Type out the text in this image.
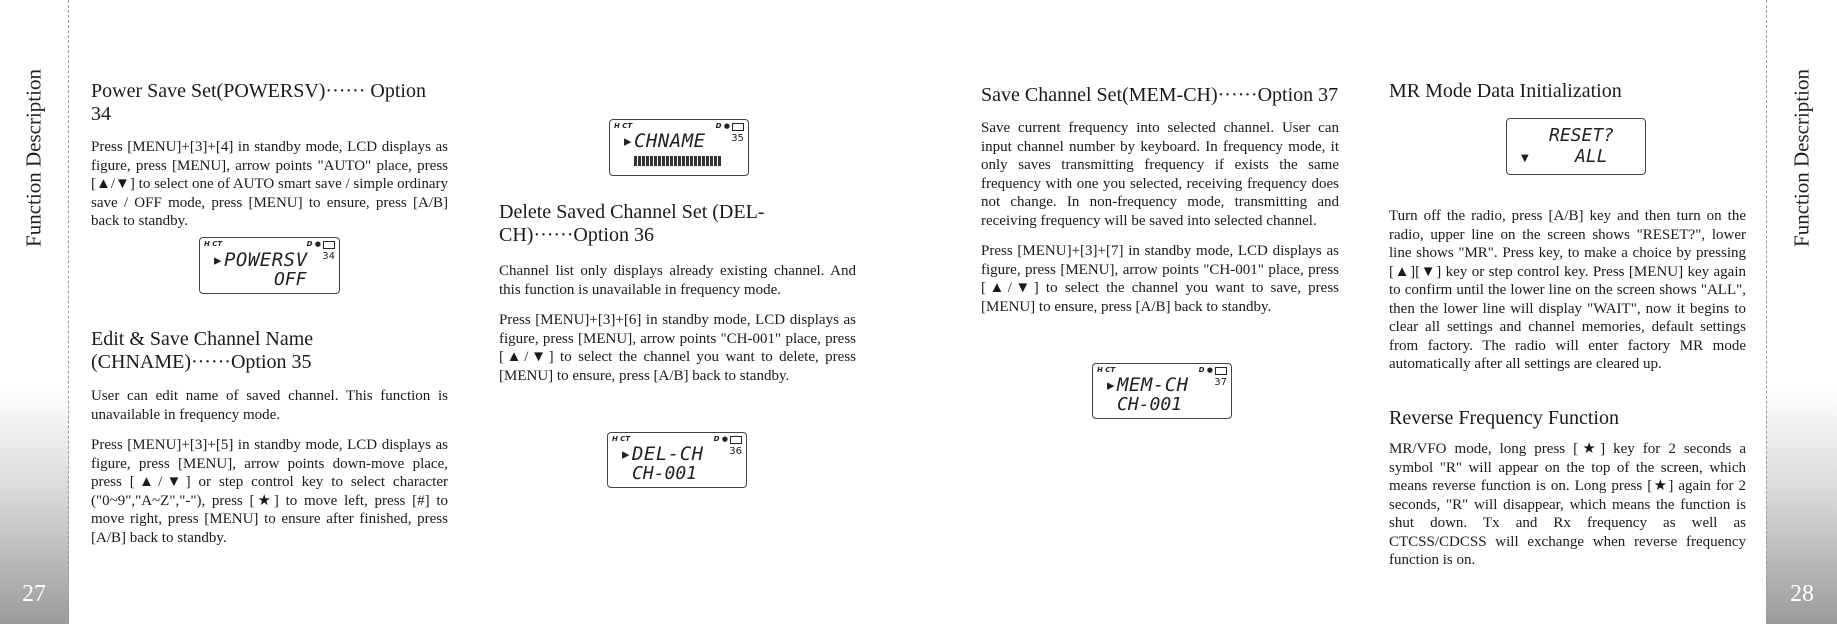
Function Description
27
Function Description
28
Power Save Set(POWERSV)······ Option 34

Press [MENU]+[3]+[4] in standby mode, LCD displays as figure, press [MENU], arrow points "AUTO" place, press [▲/▼] to select one of AUTO smart save / simple ordinary save / OFF mode, press [MENU] to ensure, press [A/B] back to standby.

H CT	D ●
34
▸POWERSV
OFF
Edit & Save Channel Name (CHNAME)······Option 35

User can edit name of saved channel. This function is unavailable in frequency mode.

Press [MENU]+[3]+[5] in standby mode, LCD displays as figure, press [MENU], arrow points down-move place, press [▲/▼] or step control key to select character ("0~9","A~Z","-"), press [★] to move left, press [#] to move right, press [MENU] to ensure after finished, press [A/B] back to standby.

H CT	D ●
35
▸CHNAME
Delete Saved Channel Set (DEL-CH)······Option 36

Channel list only displays already existing channel. And this function is unavailable in frequency mode.

Press [MENU]+[3]+[6] in standby mode, LCD displays as figure, press [MENU], arrow points "CH-001" place, press [▲/▼] to select the channel you want to delete, press [MENU] to ensure, press [A/B] back to standby.

H CT	D ●
36
▸DEL-CH
CH-001
Save Channel Set(MEM-CH)······Option 37

Save current frequency into selected channel. User can input channel number by keyboard. In frequency mode, it only saves transmitting frequency if exists the same frequency with one you selected, receiving frequency does not change. In non-frequency mode, transmitting and receiving frequency will be saved into selected channel.

Press [MENU]+[3]+[7] in standby mode, LCD displays as figure, press [MENU], arrow points "CH-001" place, press [▲/▼] to select the channel you want to save, press [MENU] to ensure, press [A/B] back to standby.

H CT	D ●
37
▸MEM-CH
CH-001
MR Mode Data Initialization
RESET?
▼	ALL

Turn off the radio, press [A/B] key and then turn on the radio, upper line on the screen shows "RESET?", lower line shows "MR". Press key, to make a choice by pressing [▲][▼] key or step control key. Press [MENU] key again to confirm until the lower line on the screen shows "ALL", then the lower line will display "WAIT", now it begins to clear all settings and channel memories, default settings from factory. The radio will enter factory MR mode automatically after all settings are cleared up.

Reverse Frequency Function

MR/VFO mode, long press [★] key for 2 seconds a symbol "R" will appear on the top of the screen, which means reverse function is on. Long press [★] again for 2 seconds, "R" will disappear, which means the function is shut down. Tx and Rx frequency as well as CTCSS/CDCSS will exchange when reverse frequency function is on.
